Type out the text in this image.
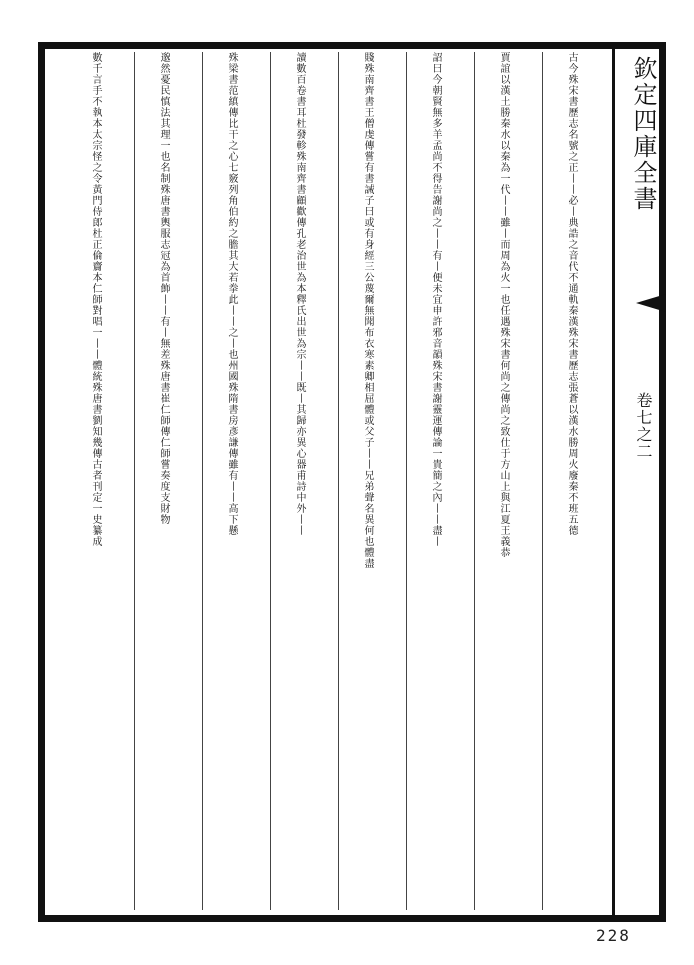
欽定四庫全書
卷七之二
古今殊宋書歷志名號之正丨丨必丨典誥之音代不通軌秦漢殊宋書歷志張蒼以漢水勝周火廢秦不班五德
賈誼以漢土勝秦水以秦為一代丨丨雖丨而周為火一也任遇殊宋書何尚之傳尚之致仕于方山上與江夏王義恭
詔曰今朝賢無多羊孟尚不得告謝尚之丨丨有丨便未宜申許邪音韻殊宋書謝靈運傳論一貴簡之內丨丨盡丨
賤殊南齊書王僧虔傳嘗有書誡子曰或有身經三公蔑爾無聞布衣寒素卿相屈體或父子丨丨兄弟聲名異何也體盡
讀數百卷書耳杜發軫殊南齊書顧歡傳孔老治世為本釋氏出世為宗丨丨既丨其歸亦異心器甫詩中外丨丨
殊梁書范縝傳比干之心七竅列角伯約之膽其大若拳此丨丨之丨也州國殊隋書房彥謙傳雖有丨丨高下懸
邈然憂民慎法其理一也名制殊唐書輿服志冠為首飾丨丨有丨無差殊唐書崔仁師傳仁師嘗奏度支財物
數千言手不執本太宗怪之令黃門侍郎杜正倫齎本仁師對唱一丨丨體統殊唐書劉知幾傳古者刊定一史纂成
228
